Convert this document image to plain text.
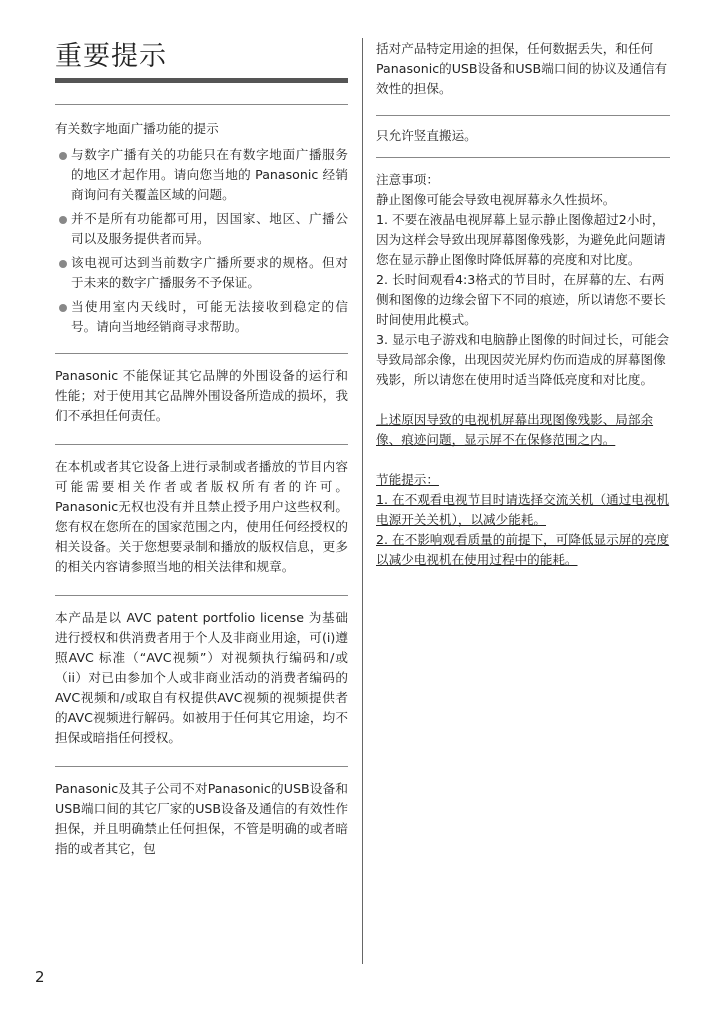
重要提示
有关数字地面广播功能的提示
与数字广播有关的功能只在有数字地面广播服务的地区才起作用。请向您当地的 Panasonic 经销商询问有关覆盖区域的问题。
并不是所有功能都可用，因国家、地区、广播公司以及服务提供者而异。
该电视可达到当前数字广播所要求的规格。但对于未来的数字广播服务不予保证。
当使用室内天线时，可能无法接收到稳定的信号。请向当地经销商寻求帮助。
Panasonic 不能保证其它品牌的外围设备的运行和性能；对于使用其它品牌外围设备所造成的损坏，我们不承担任何责任。
在本机或者其它设备上进行录制或者播放的节目内容可能需要相关作者或者版权所有者的许可。Panasonic无权也没有并且禁止授予用户这些权利。您有权在您所在的国家范围之内，使用任何经授权的相关设备。关于您想要录制和播放的版权信息，更多的相关内容请参照当地的相关法律和规章。
本产品是以 AVC patent portfolio license 为基础进行授权和供消费者用于个人及非商业用途，可(i)遵照AVC 标准（“AVC视频”）对视频执行编码和/或（ii）对已由参加个人或非商业活动的消费者编码的AVC视频和/或取自有权提供AVC视频的视频提供者的AVC视频进行解码。如被用于任何其它用途，均不担保或暗指任何授权。
Panasonic及其子公司不对Panasonic的USB设备和USB端口间的其它厂家的USB设备及通信的有效性作担保，并且明确禁止任何担保，不管是明确的或者暗指的或者其它，包
括对产品特定用途的担保，任何数据丢失，和任何Panasonic的USB设备和USB端口间的协议及通信有效性的担保。
只允许竖直搬运。
注意事项：
静止图像可能会导致电视屏幕永久性损坏。
1. 不要在液晶电视屏幕上显示静止图像超过2小时，因为这样会导致出现屏幕图像残影，为避免此问题请您在显示静止图像时降低屏幕的亮度和对比度。
2. 长时间观看4:3格式的节目时，在屏幕的左、右两侧和图像的边缘会留下不同的痕迹，所以请您不要长时间使用此模式。
3. 显示电子游戏和电脑静止图像的时间过长，可能会导致局部余像，出现因荧光屏灼伤而造成的屏幕图像残影，所以请您在使用时适当降低亮度和对比度。
上述原因导致的电视机屏幕出现图像残影、局部余像、痕迹问题，显示屏不在保修范围之内。
节能提示：
1. 在不观看电视节目时请选择交流关机（通过电视机电源开关关机），以减少能耗。
2. 在不影响观看质量的前提下，可降低显示屏的亮度以减少电视机在使用过程中的能耗。
2
